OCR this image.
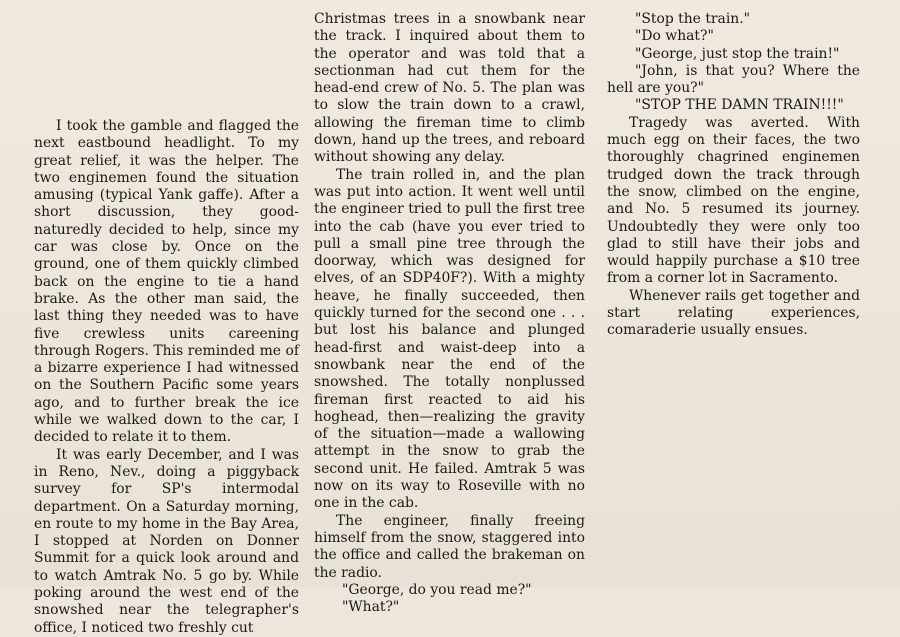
I took the gamble and flagged the next eastbound headlight. To my great relief, it was the helper. The two enginemen found the situation amusing (typical Yank gaffe). After a short discussion, they good-naturedly decided to help, since my car was close by. Once on the ground, one of them quickly climbed back on the engine to tie a hand brake. As the other man said, the last thing they needed was to have five crewless units careening through Rogers. This reminded me of a bizarre experience I had witnessed on the Southern Pacific some years ago, and to further break the ice while we walked down to the car, I decided to relate it to them.

It was early December, and I was in Reno, Nev., doing a piggyback survey for SP's intermodal department. On a Saturday morning, en route to my home in the Bay Area, I stopped at Norden on Donner Summit for a quick look around and to watch Amtrak No. 5 go by. While poking around the west end of the snowshed near the telegrapher's office, I noticed two freshly cut

Christmas trees in a snowbank near the track. I inquired about them to the operator and was told that a sectionman had cut them for the head-end crew of No. 5. The plan was to slow the train down to a crawl, allowing the fireman time to climb down, hand up the trees, and reboard without showing any delay.

The train rolled in, and the plan was put into action. It went well until the engineer tried to pull the first tree into the cab (have you ever tried to pull a small pine tree through the doorway, which was designed for elves, of an SDP40F?). With a mighty heave, he finally succeeded, then quickly turned for the second one . . . but lost his balance and plunged head-first and waist-deep into a snowbank near the end of the snowshed. The totally nonplussed fireman first reacted to aid his hoghead, then—realizing the gravity of the situation—made a wallowing attempt in the snow to grab the second unit. He failed. Amtrak 5 was now on its way to Roseville with no one in the cab.

The engineer, finally freeing himself from the snow, staggered into the office and called the brakeman on the radio.

"George, do you read me?"

"What?"

"Stop the train."

"Do what?"

"George, just stop the train!"

"John, is that you? Where the hell are you?"

"STOP THE DAMN TRAIN!!!"

Tragedy was averted. With much egg on their faces, the two thoroughly chagrined enginemen trudged down the track through the snow, climbed on the engine, and No. 5 resumed its journey. Undoubtedly they were only too glad to still have their jobs and would happily purchase a $10 tree from a corner lot in Sacramento.

Whenever rails get together and start relating experiences, comaraderie usually ensues.
